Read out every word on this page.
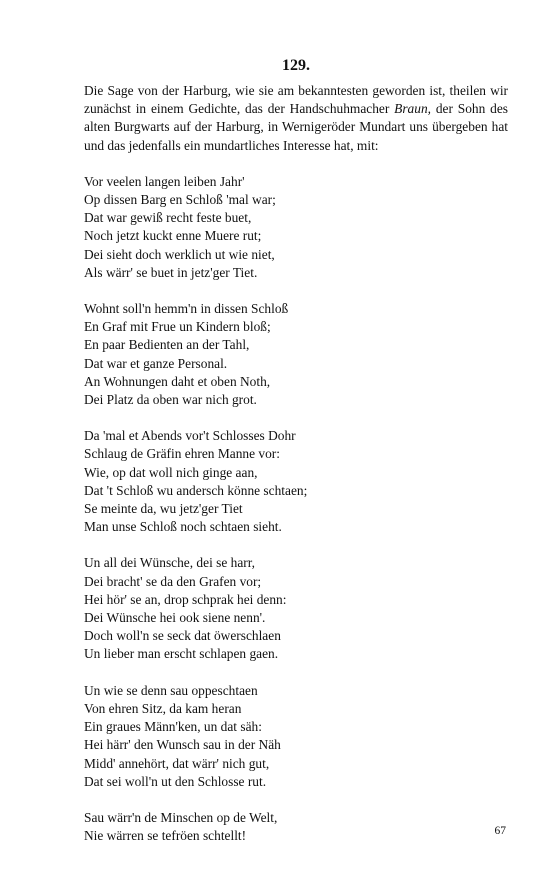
129.

Die Sage von der Harburg, wie sie am bekanntesten geworden ist, theilen wir zunächst in einem Gedichte, das der Handschuhmacher Braun, der Sohn des alten Burgwarts auf der Harburg, in Wernigeröder Mundart uns übergeben hat und das jedenfalls ein mundartliches Interesse hat, mit:

Vor veelen langen leiben Jahr'
Op dissen Barg en Schloß 'mal war;
Dat war gewiß recht feste buet,
Noch jetzt kuckt enne Muere rut;
Dei sieht doch werklich ut wie niet,
Als wärr' se buet in jetz'ger Tiet.
Wohnt soll'n hemm'n in dissen Schloß
En Graf mit Frue un Kindern bloß;
En paar Bedienten an der Tahl,
Dat war et ganze Personal.
An Wohnungen daht et oben Noth,
Dei Platz da oben war nich grot.
Da 'mal et Abends vor't Schlosses Dohr
Schlaug de Gräfin ehren Manne vor:
Wie, op dat woll nich ginge aan,
Dat 't Schloß wu andersch könne schtaen;
Se meinte da, wu jetz'ger Tiet
Man unse Schloß noch schtaen sieht.
Un all dei Wünsche, dei se harr,
Dei bracht' se da den Grafen vor;
Hei hör' se an, drop schprak hei denn:
Dei Wünsche hei ook siene nenn'.
Doch woll'n se seck dat öwerschlaen
Un lieber man erscht schlapen gaen.
Un wie se denn sau oppeschtaen
Von ehren Sitz, da kam heran
Ein graues Männ'ken, un dat säh:
Hei härr' den Wunsch sau in der Näh
Midd' annehört, dat wärr' nich gut,
Dat sei woll'n ut den Schlosse rut.
Sau wärr'n de Minschen op de Welt,
Nie wärren se tefröen schtellt!	67
